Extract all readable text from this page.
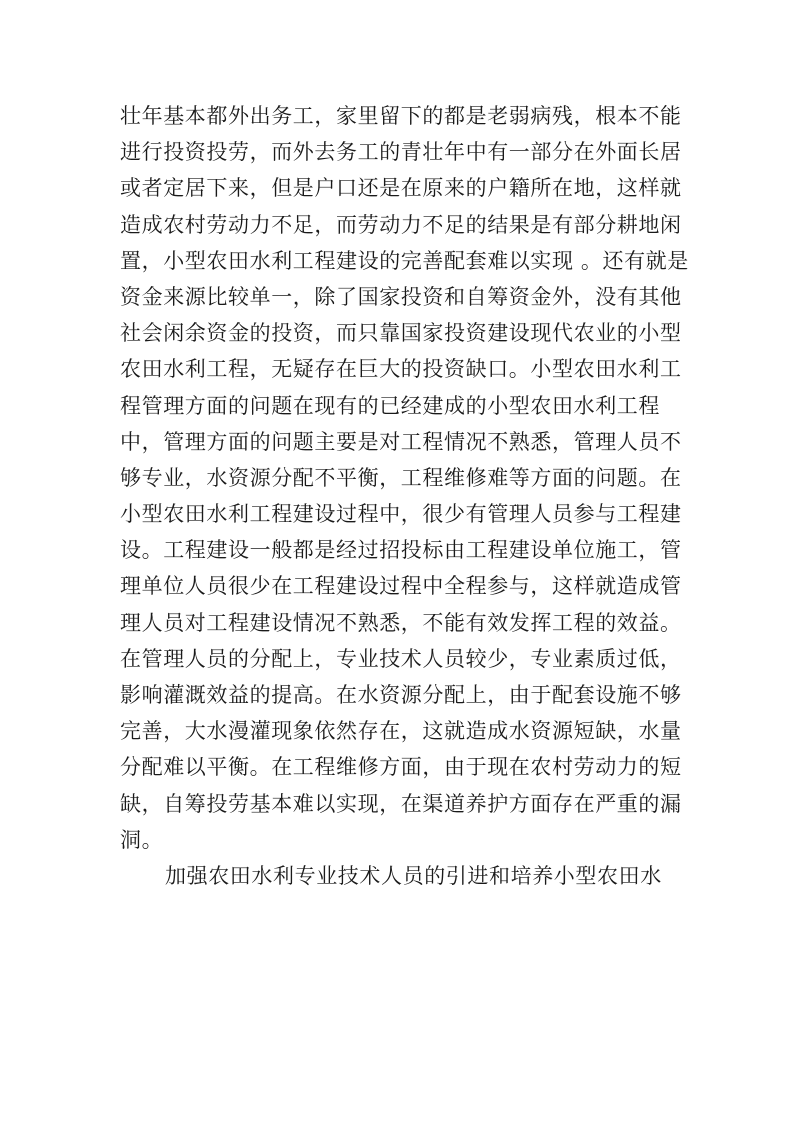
壮年基本都外出务工，家里留下的都是老弱病残，根本不能
进行投资投劳，而外去务工的青壮年中有一部分在外面长居
或者定居下来，但是户口还是在原来的户籍所在地，这样就
造成农村劳动力不足，而劳动力不足的结果是有部分耕地闲
置，小型农田水利工程建设的完善配套难以实现 。还有就是
资金来源比较单一，除了国家投资和自筹资金外，没有其他
社会闲余资金的投资，而只靠国家投资建设现代农业的小型
农田水利工程，无疑存在巨大的投资缺口。小型农田水利工
程管理方面的问题在现有的已经建成的小型农田水利工程
中，管理方面的问题主要是对工程情况不熟悉，管理人员不
够专业，水资源分配不平衡，工程维修难等方面的问题。在
小型农田水利工程建设过程中，很少有管理人员参与工程建
设。工程建设一般都是经过招投标由工程建设单位施工，管
理单位人员很少在工程建设过程中全程参与，这样就造成管
理人员对工程建设情况不熟悉，不能有效发挥工程的效益。
在管理人员的分配上，专业技术人员较少，专业素质过低，
影响灌溉效益的提高。在水资源分配上，由于配套设施不够
完善，大水漫灌现象依然存在，这就造成水资源短缺，水量
分配难以平衡。在工程维修方面，由于现在农村劳动力的短
缺，自筹投劳基本难以实现，在渠道养护方面存在严重的漏
洞。
加强农田水利专业技术人员的引进和培养小型农田水
